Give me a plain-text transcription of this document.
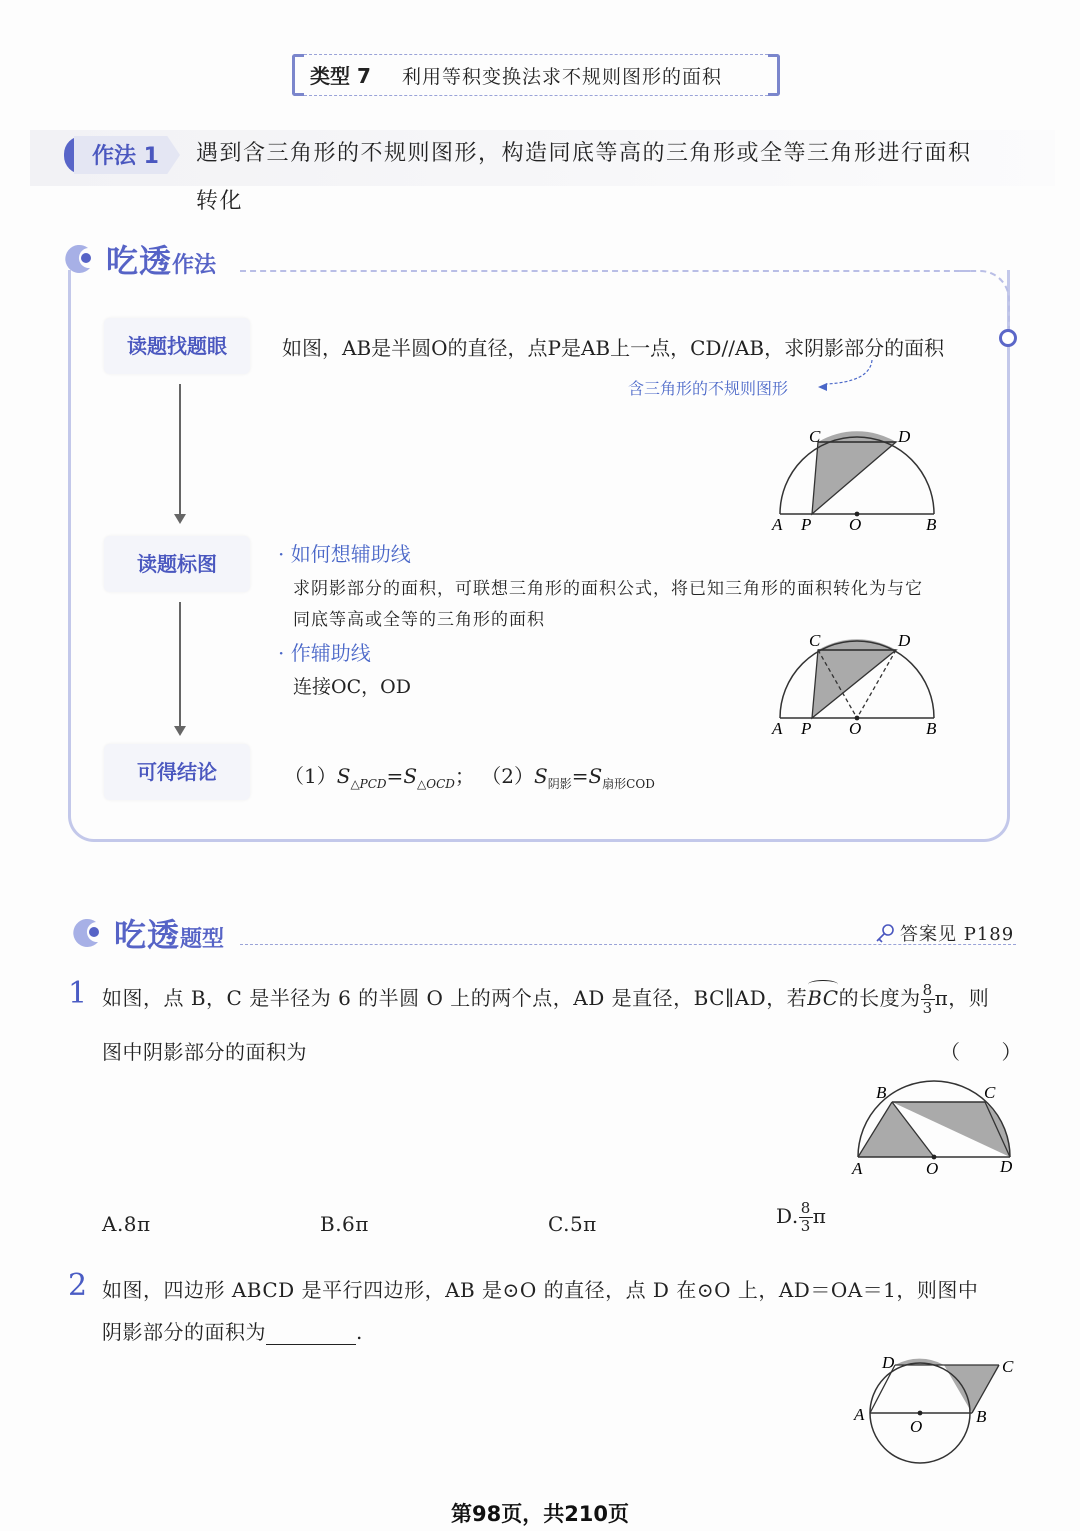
类型 7 利用等积变换法求不规则图形的面积
作法 1 遇到含三角形的不规则图形，构造同底等高的三角形或全等三角形进行面积
转化
吃透作法
读题找题眼
读题标图
可得结论
如图，AB是半圆O的直径，点P是AB上一点，CD//AB，求阴影部分的面积
含三角形的不规则图形
C	D
A P O	B
· 如何想辅助线
求阴影部分的面积，可联想三角形的面积公式，将已知三角形的面积转化为与它
同底等高或全等的三角形的面积
· 作辅助线
连接OC，OD
C	D
A P O	B
$(1)S_{\triangle PCD}=S_{\triangle OCD}$； $(2)S_{阴影}=S_{扇形COD}$
吃透题型	答案见 P189
1 如图，点 B，C 是半径为 6 的半圆 O 上的两个点，AD 是直径，BC∥AD，若BC的长度为 $\frac{8}{3}$ π，则
图中阴影部分的面积为	（　　）
B	C
A	O	D
A.8π	B.6π	C.5π	D. $\frac{8}{3}$ π
2 如图，四边形 ABCD 是平行四边形，AB 是⊙O 的直径，点 D 在⊙O 上，AD＝OA＝1，则图中
阴影部分的面积为	.
D	C
A	B
O
第98页，共210页
